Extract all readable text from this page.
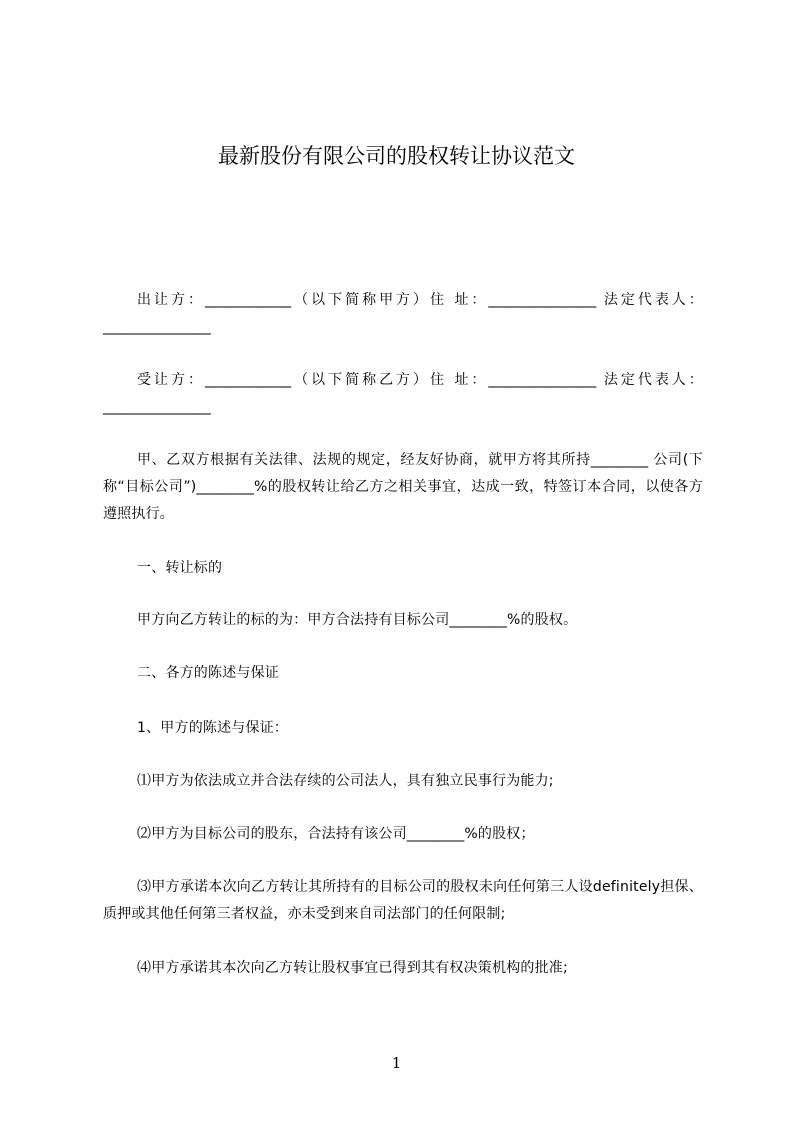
最新股份有限公司的股权转让协议范文
出让方：____________（以下简称甲方）住 址：_______________ 法定代表人：_______________
受让方：____________（以下简称乙方）住 址：_______________ 法定代表人：_______________
甲、乙双方根据有关法律、法规的规定，经友好协商，就甲方将其所持________ 公司(下称“目标公司”)________%的股权转让给乙方之相关事宜，达成一致，特签订本合同，以使各方遵照执行。
一、转让标的
甲方向乙方转让的标的为：甲方合法持有目标公司________%的股权。
二、各方的陈述与保证
1、甲方的陈述与保证：
⑴甲方为依法成立并合法存续的公司法人，具有独立民事行为能力;
⑵甲方为目标公司的股东，合法持有该公司________%的股权；
⑶甲方承诺本次向乙方转让其所持有的目标公司的股权未向任何第三人设definitely担保、质押或其他任何第三者权益，亦未受到来自司法部门的任何限制;
⑷甲方承诺其本次向乙方转让股权事宜已得到其有权决策机构的批准;
1
